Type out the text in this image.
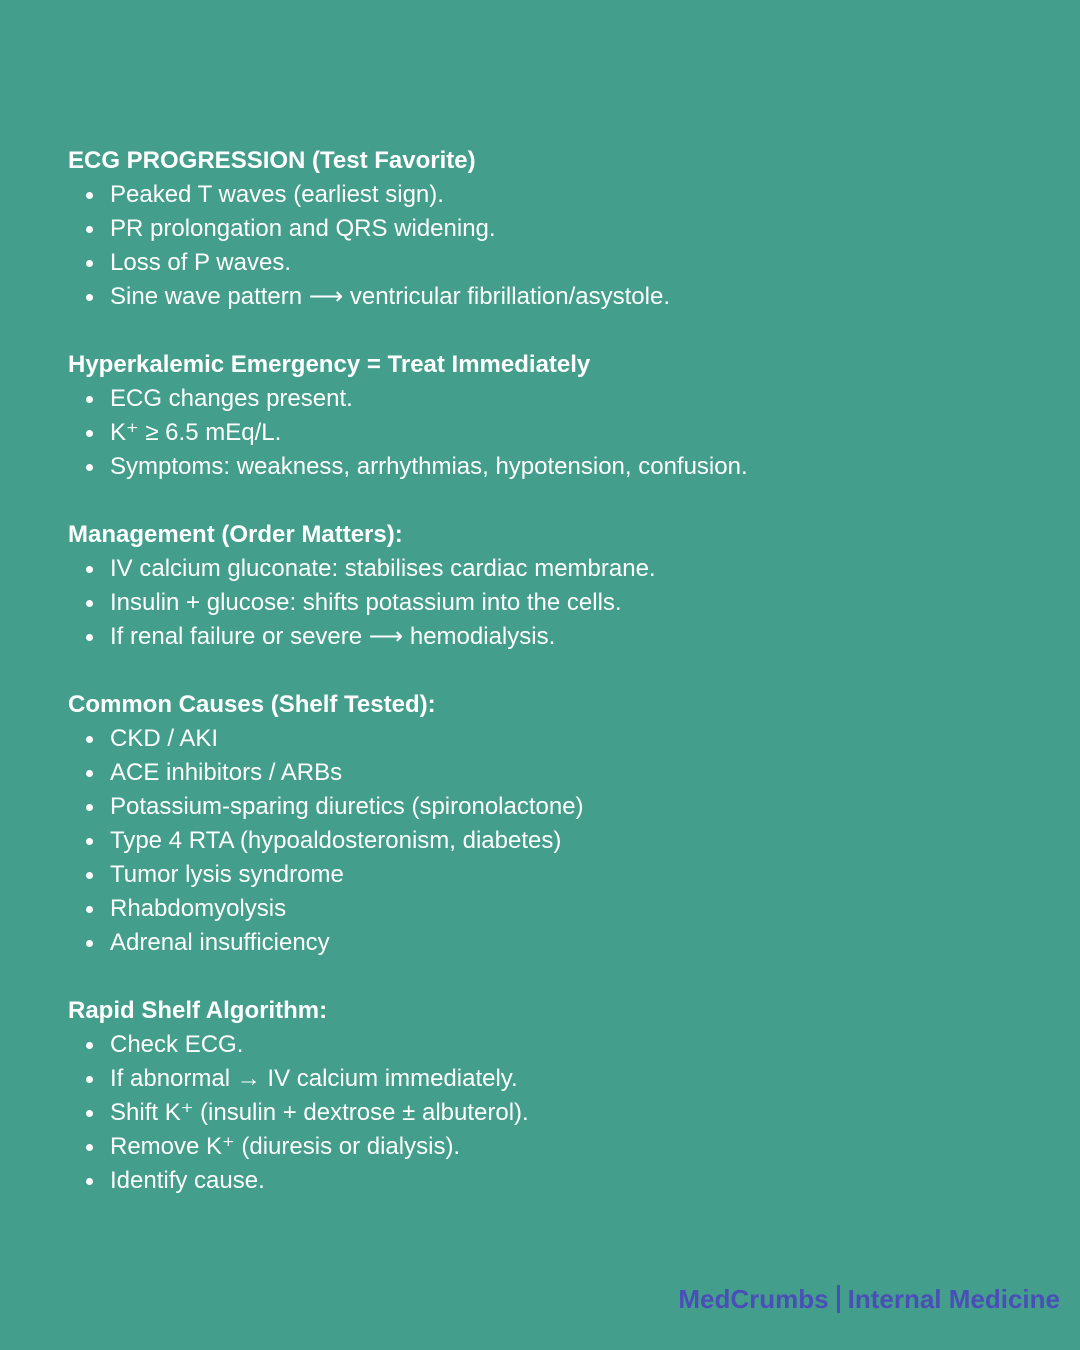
ECG PROGRESSION (Test Favorite)
Peaked T waves (earliest sign).
PR prolongation and QRS widening.
Loss of P waves.
Sine wave pattern ⟶ ventricular fibrillation/asystole.
Hyperkalemic Emergency = Treat Immediately
ECG changes present.
K⁺ ≥ 6.5 mEq/L.
Symptoms: weakness, arrhythmias, hypotension, confusion.
Management (Order Matters):
IV calcium gluconate: stabilises cardiac membrane.
Insulin + glucose: shifts potassium into the cells.
If renal failure or severe ⟶ hemodialysis.
Common Causes (Shelf Tested):
CKD / AKI
ACE inhibitors / ARBs
Potassium-sparing diuretics (spironolactone)
Type 4 RTA (hypoaldosteronism, diabetes)
Tumor lysis syndrome
Rhabdomyolysis
Adrenal insufficiency
Rapid Shelf Algorithm:
Check ECG.
If abnormal → IV calcium immediately.
Shift K⁺ (insulin + dextrose ± albuterol).
Remove K⁺ (diuresis or dialysis).
Identify cause.
MedCrumbs Internal Medicine
